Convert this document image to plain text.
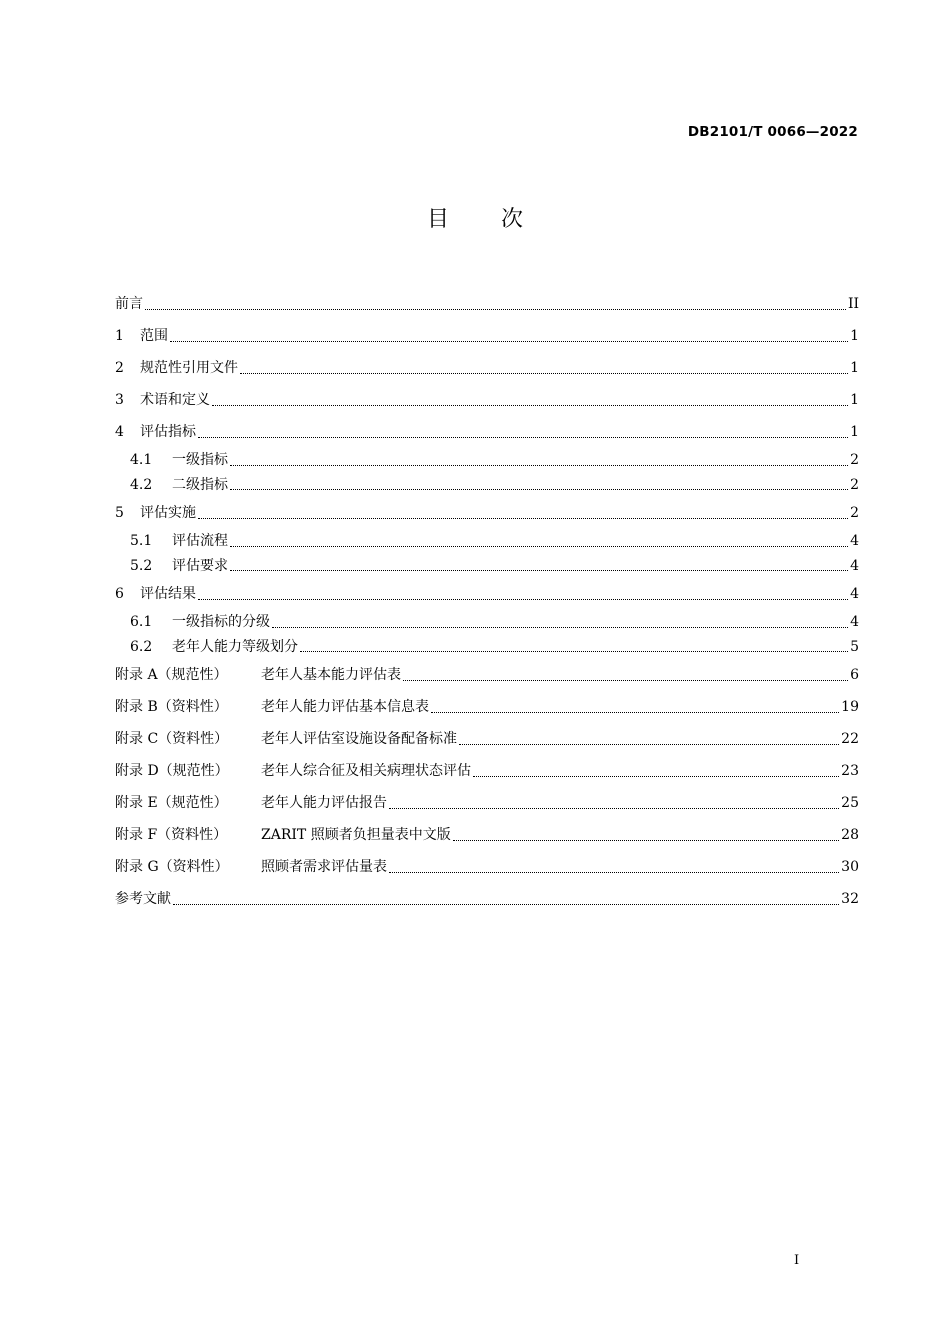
DB2101/T 0066—2022
目 次
前言	II
1	范围	1
2	规范性引用文件	1
3	术语和定义	1
4	评估指标	1
4.1	一级指标	2
4.2	二级指标	2
5	评估实施	2
5.1	评估流程	4
5.2	评估要求	4
6	评估结果	4
6.1	一级指标的分级	4
6.2	老年人能力等级划分	5
附录 A（规范性）	老年人基本能力评估表	6
附录 B（资料性）	老年人能力评估基本信息表	19
附录 C（资料性）	老年人评估室设施设备配备标准	22
附录 D（规范性）	老年人综合征及相关病理状态评估	23
附录 E（规范性）	老年人能力评估报告	25
附录 F（资料性）	ZARIT 照顾者负担量表中文版	28
附录 G（资料性）	照顾者需求评估量表	30
参考文献	32
I
